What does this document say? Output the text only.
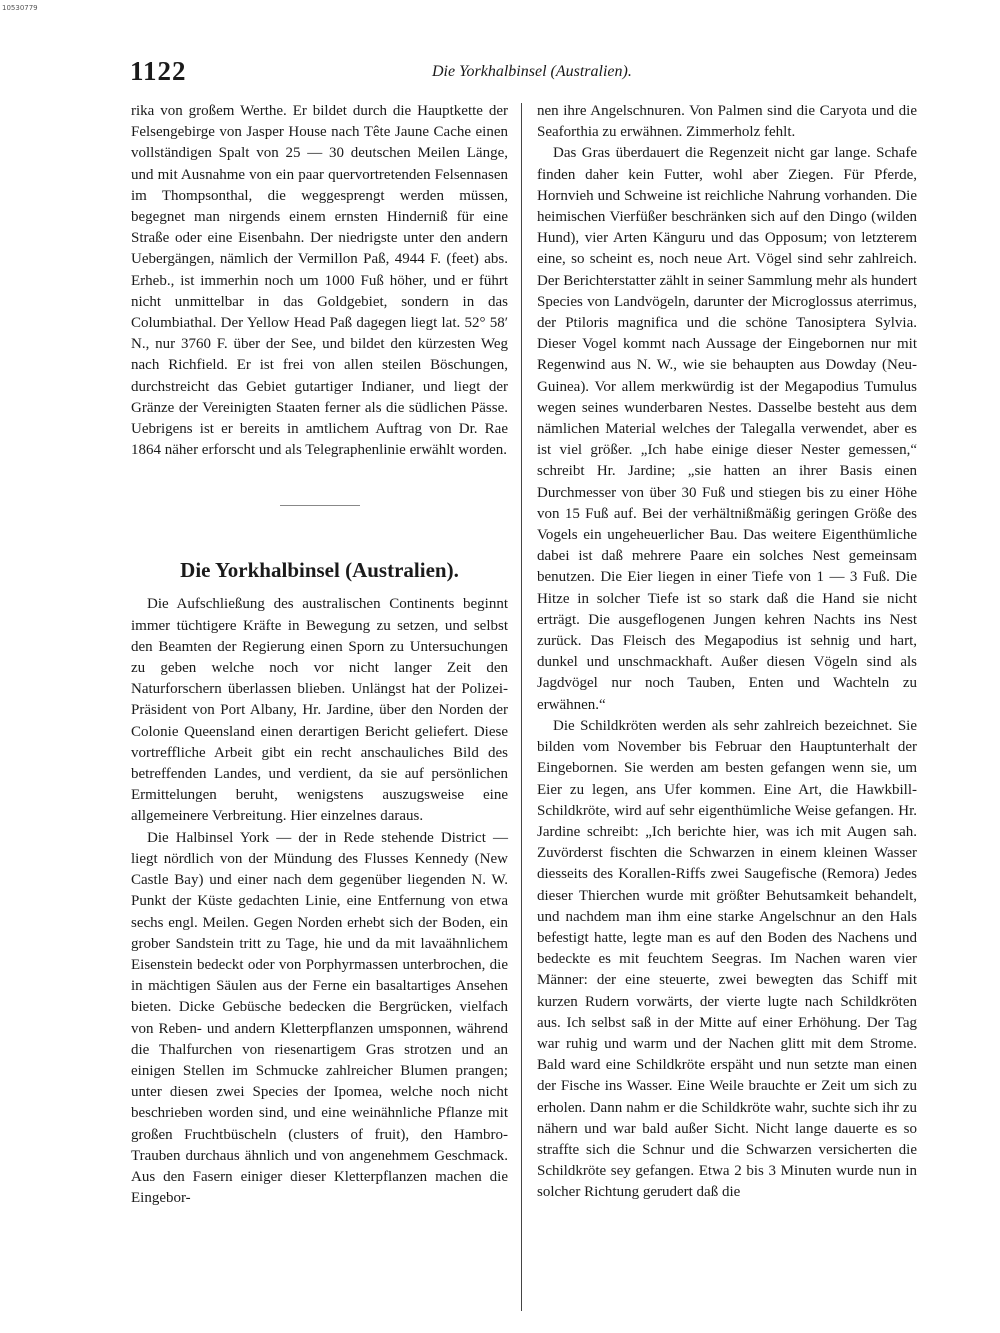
10530779
1122	Die Yorkhalbinsel (Australien).

rika von großem Werthe. Er bildet durch die Hauptkette der Felsengebirge von Jasper House nach Tête Jaune Cache einen vollständigen Spalt von 25 — 30 deutschen Meilen Länge, und mit Ausnahme von ein paar quervortretenden Felsennasen im Thompsonthal, die weggesprengt werden müssen, begegnet man nirgends einem ernsten Hinderniß für eine Straße oder eine Eisenbahn. Der niedrigste unter den andern Uebergängen, nämlich der Vermillon Paß, 4944 F. (feet) abs. Erheb., ist immerhin noch um 1000 Fuß höher, und er führt nicht unmittelbar in das Goldgebiet, sondern in das Columbiathal. Der Yellow Head Paß dagegen liegt lat. 52° 58′ N., nur 3760 F. über der See, und bildet den kürzesten Weg nach Richfield. Er ist frei von allen steilen Böschungen, durchstreicht das Gebiet gutartiger Indianer, und liegt der Gränze der Vereinigten Staaten ferner als die südlichen Pässe. Uebrigens ist er bereits in amtlichem Auftrag von Dr. Rae 1864 näher erforscht und als Telegraphenlinie erwählt worden.

Die Yorkhalbinsel (Australien).

Die Aufschließung des australischen Continents beginnt immer tüchtigere Kräfte in Bewegung zu setzen, und selbst den Beamten der Regierung einen Sporn zu Untersuchungen zu geben welche noch vor nicht langer Zeit den Naturforschern überlassen blieben. Unlängst hat der Polizei-Präsident von Port Albany, Hr. Jardine, über den Norden der Colonie Queensland einen derartigen Bericht geliefert. Diese vortreffliche Arbeit gibt ein recht anschauliches Bild des betreffenden Landes, und verdient, da sie auf persönlichen Ermittelungen beruht, wenigstens auszugsweise eine allgemeinere Verbreitung. Hier einzelnes daraus.

Die Halbinsel York — der in Rede stehende District — liegt nördlich von der Mündung des Flusses Kennedy (New Castle Bay) und einer nach dem gegenüber liegenden N. W. Punkt der Küste gedachten Linie, eine Entfernung von etwa sechs engl. Meilen. Gegen Norden erhebt sich der Boden, ein grober Sandstein tritt zu Tage, hie und da mit lavaähnlichem Eisenstein bedeckt oder von Porphyrmassen unterbrochen, die in mächtigen Säulen aus der Ferne ein basaltartiges Ansehen bieten. Dicke Gebüsche bedecken die Bergrücken, vielfach von Reben- und andern Kletterpflanzen umsponnen, während die Thalfurchen von riesenartigem Gras strotzen und an einigen Stellen im Schmucke zahlreicher Blumen prangen; unter diesen zwei Species der Ipomea, welche noch nicht beschrieben worden sind, und eine weinähnliche Pflanze mit großen Fruchtbüscheln (clusters of fruit), den Hambro-Trauben durchaus ähnlich und von angenehmem Geschmack. Aus den Fasern einiger dieser Kletterpflanzen machen die Eingebor-

nen ihre Angelschnuren. Von Palmen sind die Caryota und die Seaforthia zu erwähnen. Zimmerholz fehlt.

Das Gras überdauert die Regenzeit nicht gar lange. Schafe finden daher kein Futter, wohl aber Ziegen. Für Pferde, Hornvieh und Schweine ist reichliche Nahrung vorhanden. Die heimischen Vierfüßer beschränken sich auf den Dingo (wilden Hund), vier Arten Känguru und das Opposum; von letzterem eine, so scheint es, noch neue Art. Vögel sind sehr zahlreich. Der Berichterstatter zählt in seiner Sammlung mehr als hundert Species von Landvögeln, darunter der Microglossus aterrimus, der Ptiloris magnifica und die schöne Tanosiptera Sylvia. Dieser Vogel kommt nach Aussage der Eingebornen nur mit Regenwind aus N. W., wie sie behaupten aus Dowday (Neu-Guinea). Vor allem merkwürdig ist der Megapodius Tumulus wegen seines wunderbaren Nestes. Dasselbe besteht aus dem nämlichen Material welches der Talegalla verwendet, aber es ist viel größer. „Ich habe einige dieser Nester gemessen,“ schreibt Hr. Jardine; „sie hatten an ihrer Basis einen Durchmesser von über 30 Fuß und stiegen bis zu einer Höhe von 15 Fuß auf. Bei der verhältnißmäßig geringen Größe des Vogels ein ungeheuerlicher Bau. Das weitere Eigenthümliche dabei ist daß mehrere Paare ein solches Nest gemeinsam benutzen. Die Eier liegen in einer Tiefe von 1 — 3 Fuß. Die Hitze in solcher Tiefe ist so stark daß die Hand sie nicht erträgt. Die ausgeflogenen Jungen kehren Nachts ins Nest zurück. Das Fleisch des Megapodius ist sehnig und hart, dunkel und unschmackhaft. Außer diesen Vögeln sind als Jagdvögel nur noch Tauben, Enten und Wachteln zu erwähnen.“

Die Schildkröten werden als sehr zahlreich bezeichnet. Sie bilden vom November bis Februar den Hauptunterhalt der Eingebornen. Sie werden am besten gefangen wenn sie, um Eier zu legen, ans Ufer kommen. Eine Art, die Hawkbill-Schildkröte, wird auf sehr eigenthümliche Weise gefangen. Hr. Jardine schreibt: „Ich berichte hier, was ich mit Augen sah. Zuvörderst fischten die Schwarzen in einem kleinen Wasser diesseits des Korallen-Riffs zwei Saugefische (Remora) Jedes dieser Thierchen wurde mit größter Behutsamkeit behandelt, und nachdem man ihm eine starke Angelschnur an den Hals befestigt hatte, legte man es auf den Boden des Nachens und bedeckte es mit feuchtem Seegras. Im Nachen waren vier Männer: der eine steuerte, zwei bewegten das Schiff mit kurzen Rudern vorwärts, der vierte lugte nach Schildkröten aus. Ich selbst saß in der Mitte auf einer Erhöhung. Der Tag war ruhig und warm und der Nachen glitt mit dem Strome. Bald ward eine Schildkröte erspäht und nun setzte man einen der Fische ins Wasser. Eine Weile brauchte er Zeit um sich zu erholen. Dann nahm er die Schildkröte wahr, suchte sich ihr zu nähern und war bald außer Sicht. Nicht lange dauerte es so straffte sich die Schnur und die Schwarzen versicherten die Schildkröte sey gefangen. Etwa 2 bis 3 Minuten wurde nun in solcher Richtung gerudert daß die
